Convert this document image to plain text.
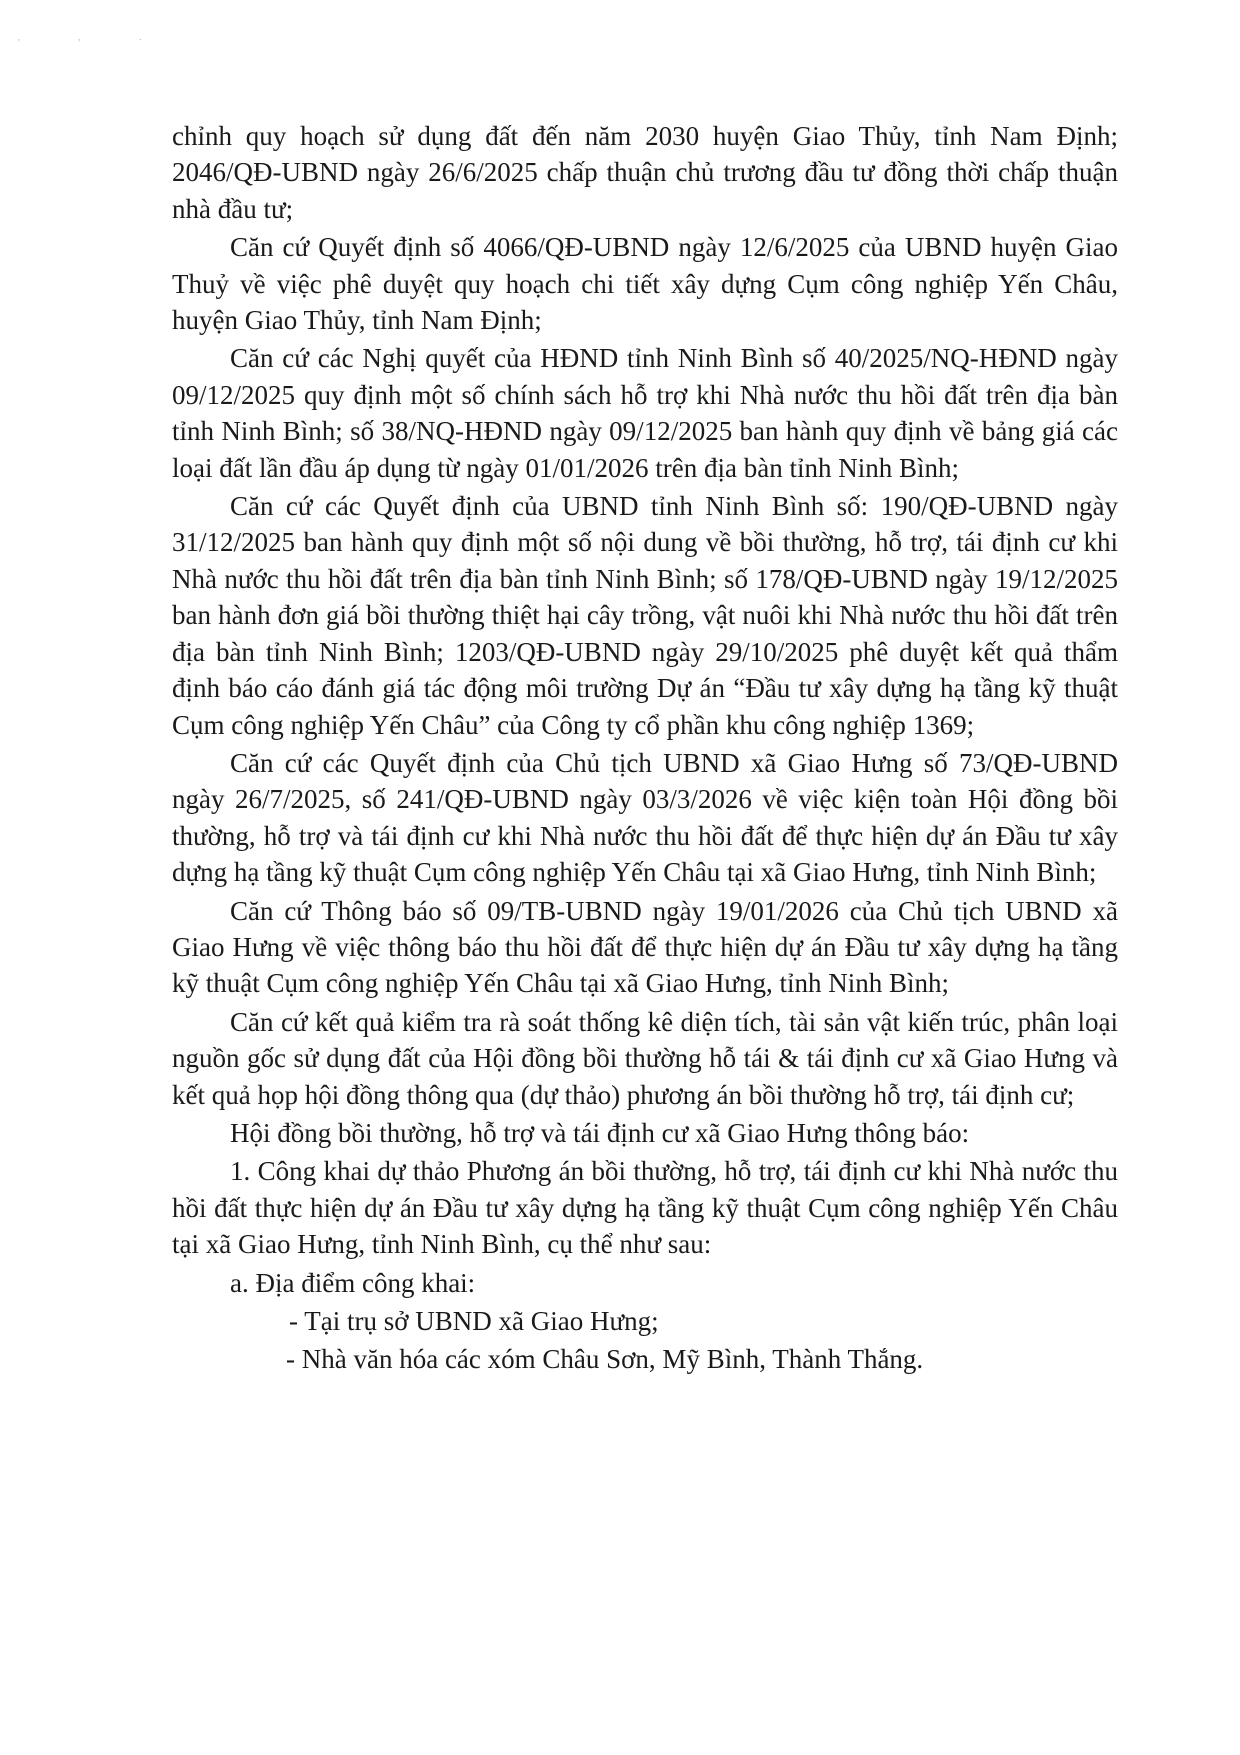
' ' ˙

chỉnh quy hoạch sử dụng đất đến năm 2030 huyện Giao Thủy, tỉnh Nam Định; 2046/QĐ-UBND ngày 26/6/2025 chấp thuận chủ trương đầu tư đồng thời chấp thuận nhà đầu tư;

Căn cứ Quyết định số 4066/QĐ-UBND ngày 12/6/2025 của UBND huyện Giao Thuỷ về việc phê duyệt quy hoạch chi tiết xây dựng Cụm công nghiệp Yến Châu, huyện Giao Thủy, tỉnh Nam Định;

Căn cứ các Nghị quyết của HĐND tỉnh Ninh Bình số 40/2025/NQ-HĐND ngày 09/12/2025 quy định một số chính sách hỗ trợ khi Nhà nước thu hồi đất trên địa bàn tỉnh Ninh Bình; số 38/NQ-HĐND ngày 09/12/2025 ban hành quy định về bảng giá các loại đất lần đầu áp dụng từ ngày 01/01/2026 trên địa bàn tỉnh Ninh Bình;

Căn cứ các Quyết định của UBND tỉnh Ninh Bình số: 190/QĐ-UBND ngày 31/12/2025 ban hành quy định một số nội dung về bồi thường, hỗ trợ, tái định cư khi Nhà nước thu hồi đất trên địa bàn tỉnh Ninh Bình; số 178/QĐ-UBND ngày 19/12/2025 ban hành đơn giá bồi thường thiệt hại cây trồng, vật nuôi khi Nhà nước thu hồi đất trên địa bàn tỉnh Ninh Bình; 1203/QĐ-UBND ngày 29/10/2025 phê duyệt kết quả thẩm định báo cáo đánh giá tác động môi trường Dự án “Đầu tư xây dựng hạ tầng kỹ thuật Cụm công nghiệp Yến Châu” của Công ty cổ phần khu công nghiệp 1369;

Căn cứ các Quyết định của Chủ tịch UBND xã Giao Hưng số 73/QĐ-UBND ngày 26/7/2025, số 241/QĐ-UBND ngày 03/3/2026 về việc kiện toàn Hội đồng bồi thường, hỗ trợ và tái định cư khi Nhà nước thu hồi đất để thực hiện dự án Đầu tư xây dựng hạ tầng kỹ thuật Cụm công nghiệp Yến Châu tại xã Giao Hưng, tỉnh Ninh Bình;

Căn cứ Thông báo số 09/TB-UBND ngày 19/01/2026 của Chủ tịch UBND xã Giao Hưng về việc thông báo thu hồi đất để thực hiện dự án Đầu tư xây dựng hạ tầng kỹ thuật Cụm công nghiệp Yến Châu tại xã Giao Hưng, tỉnh Ninh Bình;

Căn cứ kết quả kiểm tra rà soát thống kê diện tích, tài sản vật kiến trúc, phân loại nguồn gốc sử dụng đất của Hội đồng bồi thường hỗ tái & tái định cư xã Giao Hưng và kết quả họp hội đồng thông qua (dự thảo) phương án bồi thường hỗ trợ, tái định cư;

Hội đồng bồi thường, hỗ trợ và tái định cư xã Giao Hưng thông báo:

1. Công khai dự thảo Phương án bồi thường, hỗ trợ, tái định cư khi Nhà nước thu hồi đất thực hiện dự án Đầu tư xây dựng hạ tầng kỹ thuật Cụm công nghiệp Yến Châu tại xã Giao Hưng, tỉnh Ninh Bình, cụ thể như sau:

a. Địa điểm công khai:

- Tại trụ sở UBND xã Giao Hưng;

- Nhà văn hóa các xóm Châu Sơn, Mỹ Bình, Thành Thắng.
